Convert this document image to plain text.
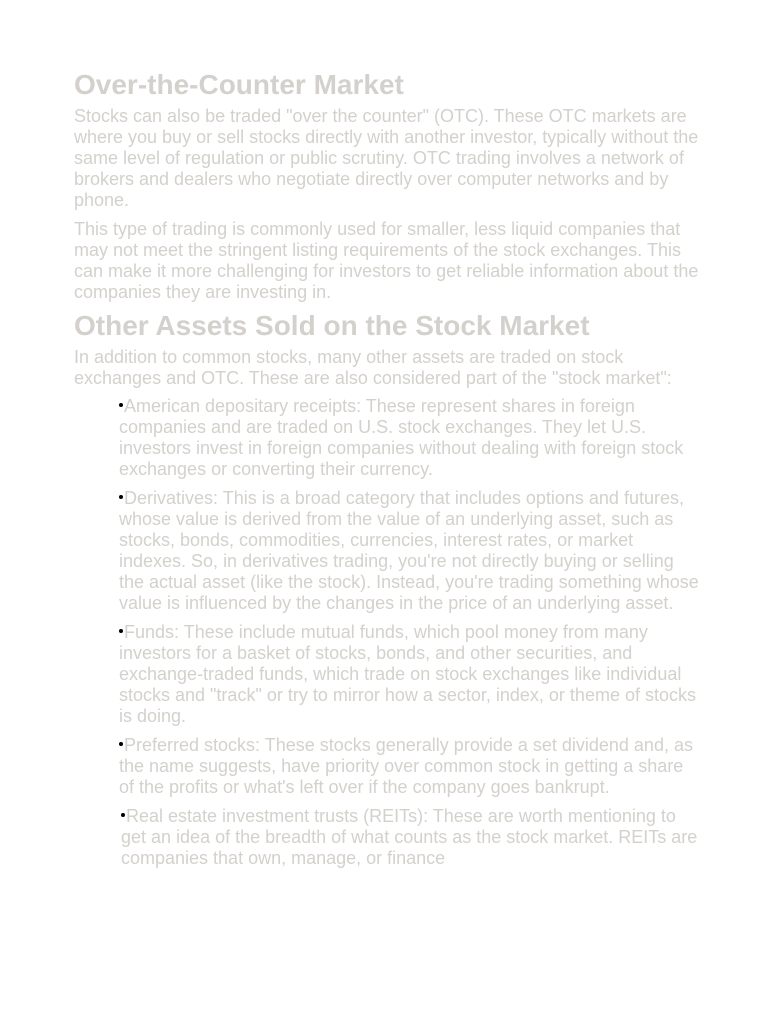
Over-the-Counter Market

Stocks can also be traded "over the counter" (OTC). These OTC markets are where you buy or sell stocks directly with another investor, typically without the same level of regulation or public scrutiny. OTC trading involves a network of brokers and dealers who negotiate directly over computer networks and by phone.

This type of trading is commonly used for smaller, less liquid companies that may not meet the stringent listing requirements of the stock exchanges. This can make it more challenging for investors to get reliable information about the companies they are investing in.

Other Assets Sold on the Stock Market

In addition to common stocks, many other assets are traded on stock exchanges and OTC. These are also considered part of the "stock market":

American depositary receipts: These represent shares in foreign companies and are traded on U.S. stock exchanges. They let U.S. investors invest in foreign companies without dealing with foreign stock exchanges or converting their currency.
Derivatives: This is a broad category that includes options and futures, whose value is derived from the value of an underlying asset, such as stocks, bonds, commodities, currencies, interest rates, or market indexes. So, in derivatives trading, you're not directly buying or selling the actual asset (like the stock). Instead, you're trading something whose value is influenced by the changes in the price of an underlying asset.
Funds: These include mutual funds, which pool money from many investors for a basket of stocks, bonds, and other securities, and exchange-traded funds, which trade on stock exchanges like individual stocks and "track" or try to mirror how a sector, index, or theme of stocks is doing.
Preferred stocks: These stocks generally provide a set dividend and, as the name suggests, have priority over common stock in getting a share of the profits or what's left over if the company goes bankrupt.
Real estate investment trusts (REITs): These are worth mentioning to get an idea of the breadth of what counts as the stock market. REITs are companies that own, manage, or finance
